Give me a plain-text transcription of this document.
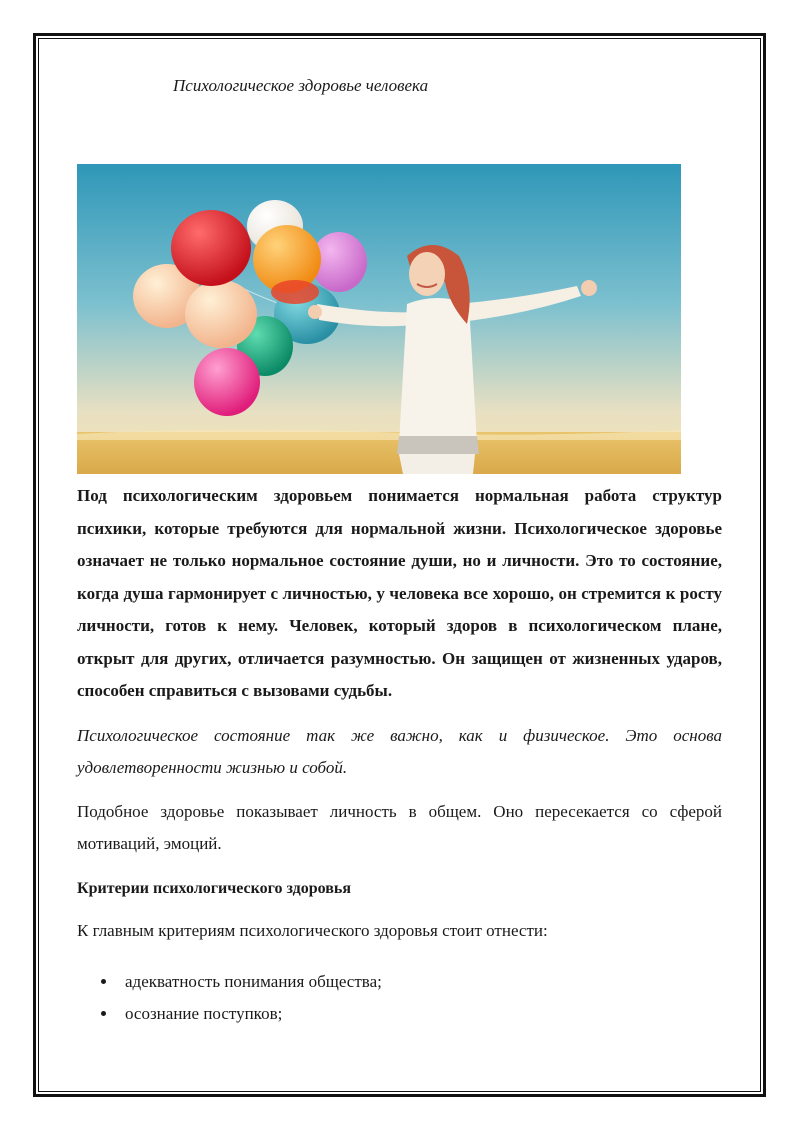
Психологическое здоровье человека

Под психологическим здоровьем понимается нормальная работа структур психики, которые требуются для нормальной жизни. Психологическое здоровье означает не только нормальное состояние души, но и личности. Это то состояние, когда душа гармонирует с личностью, у человека все хорошо, он стремится к росту личности, готов к нему. Человек, который здоров в психологическом плане, открыт для других, отличается разумностью. Он защищен от жизненных ударов, способен справиться с вызовами судьбы.

Психологическое состояние так же важно, как и физическое. Это основа удовлетворенности жизнью и собой.

Подобное здоровье показывает личность в общем. Оно пересекается со сферой мотиваций, эмоций.

Критерии психологического здоровья

К главным критериям психологического здоровья стоит отнести:

адекватность понимания общества;
осознание поступков;
